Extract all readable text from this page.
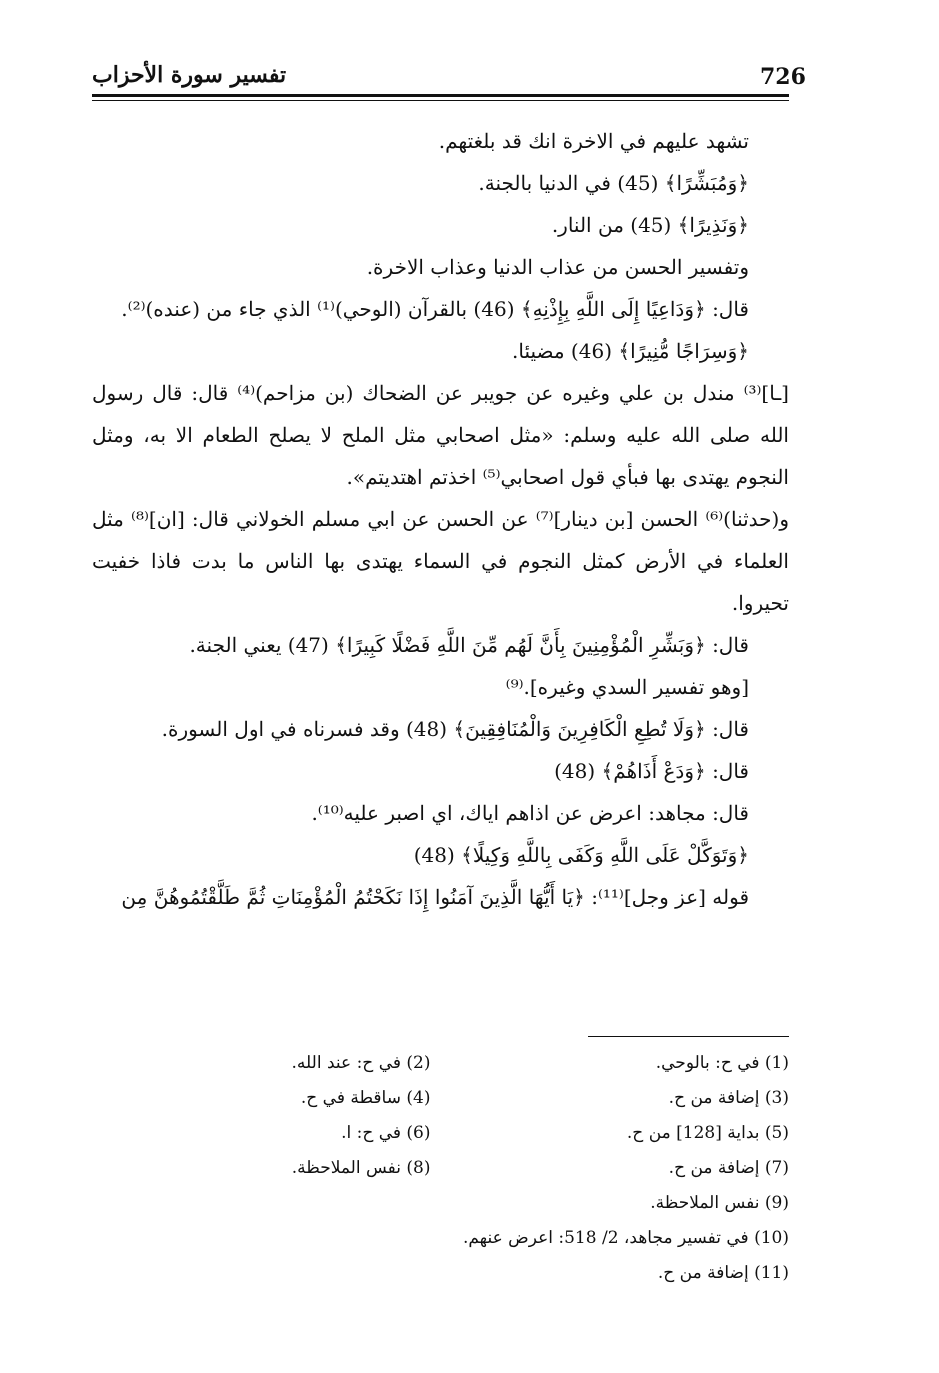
726
تفسير سورة الأحزاب

تشهد عليهم في الاخرة انك قد بلغتهم.

﴿وَمُبَشِّرًا﴾ (45) في الدنيا بالجنة.

﴿وَنَذِيرًا﴾ (45) من النار.

وتفسير الحسن من عذاب الدنيا وعذاب الاخرة.

قال: ﴿وَدَاعِيًا إِلَى اللَّهِ بِإِذْنِهِ﴾ (46) بالقرآن (الوحي)⁽¹⁾ الذي جاء من (عنده)⁽²⁾.

﴿وَسِرَاجًا مُّنِيرًا﴾ (46) مضيئا.

[ـا]⁽³⁾ مندل بن علي وغيره عن جويبر عن الضحاك (بن مزاحم)⁽⁴⁾ قال: قال رسول الله صلى الله عليه وسلم: «مثل اصحابي مثل الملح لا يصلح الطعام الا به، ومثل النجوم يهتدى بها فبأي قول اصحابي⁽⁵⁾ اخذتم اهتديتم».

و(حدثنا)⁽⁶⁾ الحسن [بن دينار]⁽⁷⁾ عن الحسن عن ابي مسلم الخولاني قال: [ان]⁽⁸⁾ مثل العلماء في الأرض كمثل النجوم في السماء يهتدى بها الناس ما بدت فاذا خفيت تحيروا.

قال: ﴿وَبَشِّرِ الْمُؤْمِنِينَ بِأَنَّ لَهُم مِّنَ اللَّهِ فَضْلًا كَبِيرًا﴾ (47) يعني الجنة.

[وهو تفسير السدي وغيره].⁽⁹⁾

قال: ﴿وَلَا تُطِعِ الْكَافِرِينَ وَالْمُنَافِقِينَ﴾ (48) وقد فسرناه في اول السورة.

قال: ﴿وَدَعْ أَذَاهُمْ﴾ (48)

قال: مجاهد: اعرض عن اذاهم اياك، اي اصبر عليه⁽¹⁰⁾.

﴿وَتَوَكَّلْ عَلَى اللَّهِ وَكَفَى بِاللَّهِ وَكِيلًا﴾ (48)

قوله [عز وجل]⁽¹¹⁾: ﴿يَا أَيُّهَا الَّذِينَ آمَنُوا إِذَا نَكَحْتُمُ الْمُؤْمِنَاتِ ثُمَّ طَلَّقْتُمُوهُنَّ مِن

(1) في ح: بالوحي.
(2) في ح: عند الله.
(3) إضافة من ح.
(4) ساقطة في ح.
(5) بداية [128] من ح.
(6) في ح: ا.
(7) إضافة من ح.
(8) نفس الملاحظة.
(9) نفس الملاحظة.
(10) في تفسير مجاهد، 2/ 518: اعرض عنهم.
(11) إضافة من ح.
